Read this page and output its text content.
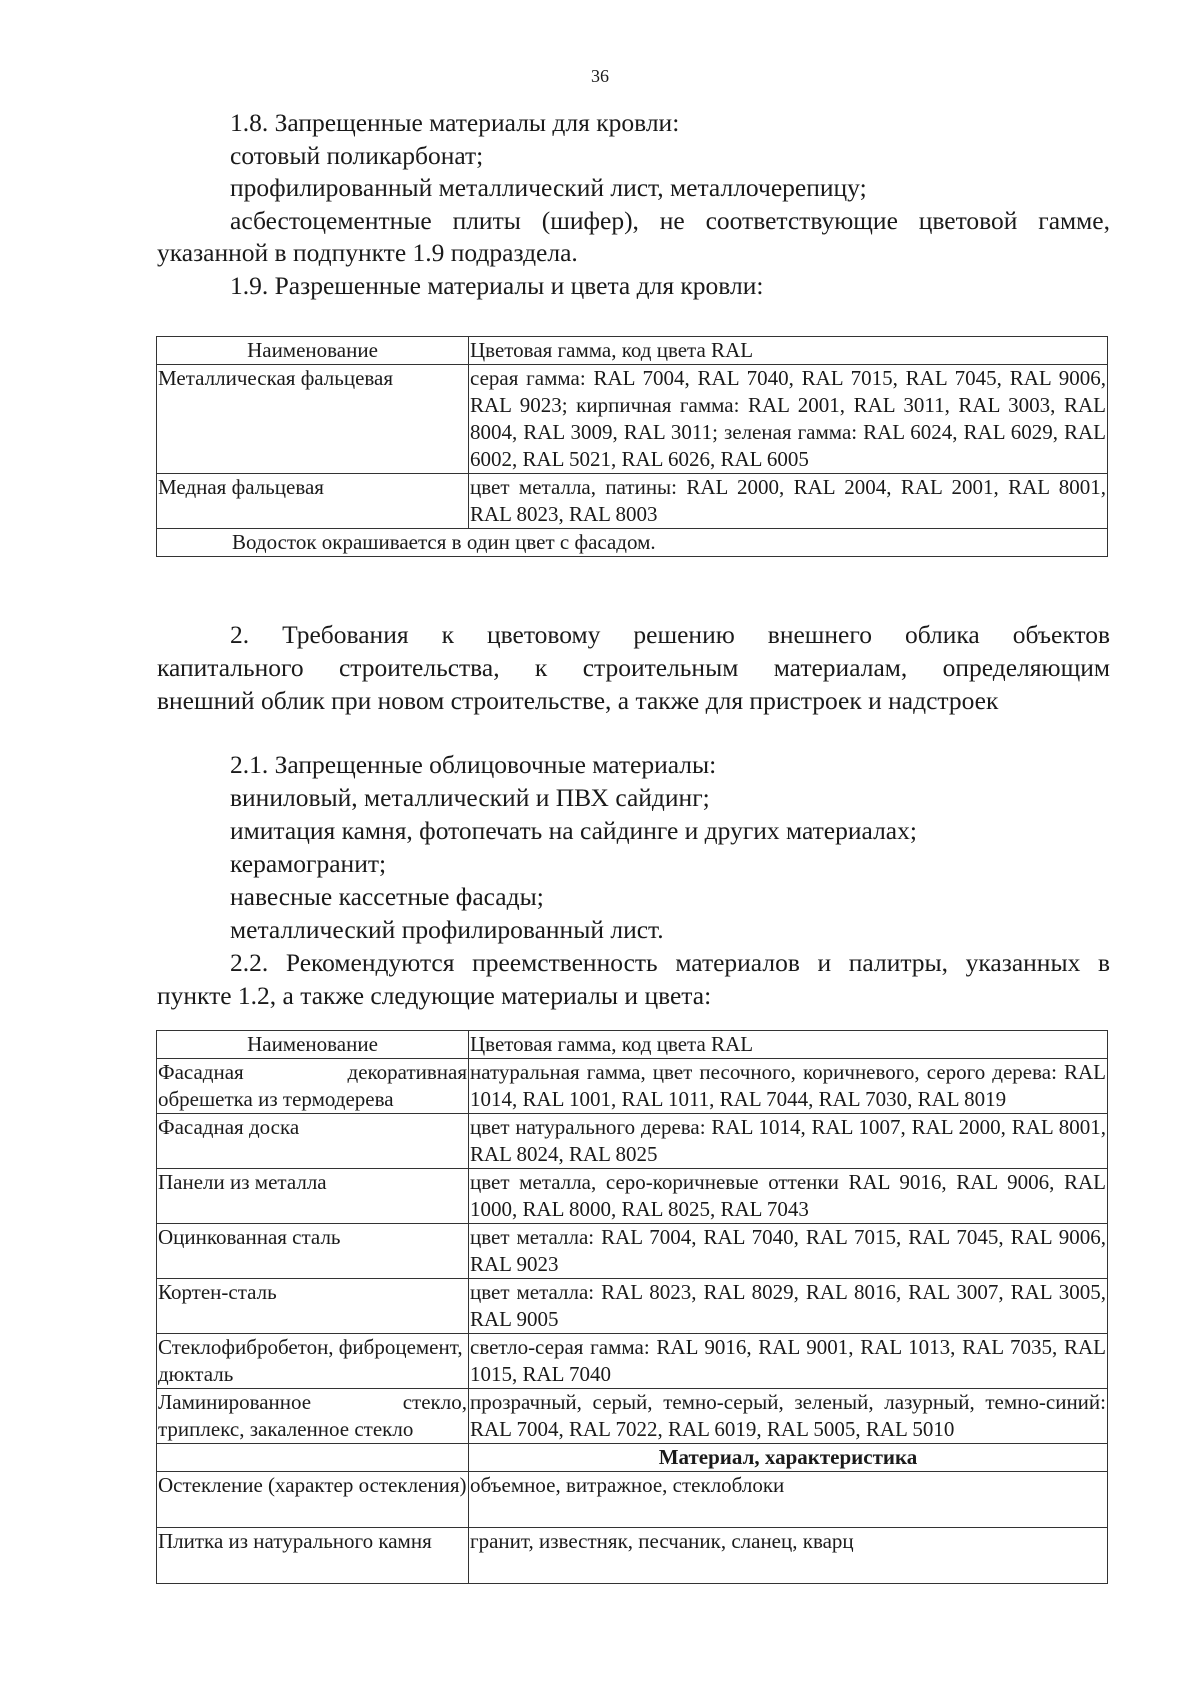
36
1.8. Запрещенные материалы для кровли:
сотовый поликарбонат;
профилированный металлический лист, металлочерепицу;
асбестоцементные плиты (шифер), не соответствующие цветовой гамме,
указанной в подпункте 1.9 подраздела.
1.9. Разрешенные материалы и цвета для кровли:
Наименование	Цветовая гамма, код цвета RAL
Металлическая фальцевая	серая гамма: RAL 7004, RAL 7040, RAL 7015, RAL 7045, RAL 9006, RAL 9023; кирпичная гамма: RAL 2001, RAL 3011, RAL 3003, RAL 8004, RAL 3009, RAL 3011; зеленая гамма: RAL 6024, RAL 6029, RAL 6002, RAL 5021, RAL 6026, RAL 6005
Медная фальцевая	цвет металла, патины: RAL 2000, RAL 2004, RAL 2001, RAL 8001, RAL 8023, RAL 8003
Водосток окрашивается в один цвет с фасадом.	
2. Требования к цветовому решению внешнего облика объектов
капитального строительства, к строительным материалам, определяющим
внешний облик при новом строительстве, а также для пристроек и надстроек
2.1. Запрещенные облицовочные материалы:
виниловый, металлический и ПВХ сайдинг;
имитация камня, фотопечать на сайдинге и других материалах;
керамогранит;
навесные кассетные фасады;
металлический профилированный лист.
2.2. Рекомендуются преемственность материалов и палитры, указанных в
пункте 1.2, а также следующие материалы и цвета:
Наименование	Цветовая гамма, код цвета RAL
Фасадная декоративная обрешетка из термодерева	натуральная гамма, цвет песочного, коричневого, серого дерева: RAL 1014, RAL 1001, RAL 1011, RAL 7044, RAL 7030, RAL 8019
Фасадная доска	цвет натурального дерева: RAL 1014, RAL 1007, RAL 2000, RAL 8001, RAL 8024, RAL 8025
Панели из металла	цвет металла, серо-коричневые оттенки RAL 9016, RAL 9006, RAL 1000, RAL 8000, RAL 8025, RAL 7043
Оцинкованная сталь	цвет металла: RAL 7004, RAL 7040, RAL 7015, RAL 7045, RAL 9006, RAL 9023
Кортен-сталь	цвет металла: RAL 8023, RAL 8029, RAL 8016, RAL 3007, RAL 3005, RAL 9005
Стеклофибробетон, фиброцемент, дюкталь	светло-серая гамма: RAL 9016, RAL 9001, RAL 1013, RAL 7035, RAL 1015, RAL 7040
Ламинированное стекло, триплекс, закаленное стекло	прозрачный, серый, темно-серый, зеленый, лазурный, темно-синий: RAL 7004, RAL 7022, RAL 6019, RAL 5005, RAL 5010
	Материал, характеристика
Остекление (характер остекления)	объемное, витражное, стеклоблоки
Плитка из натурального камня	гранит, известняк, песчаник, сланец, кварц
